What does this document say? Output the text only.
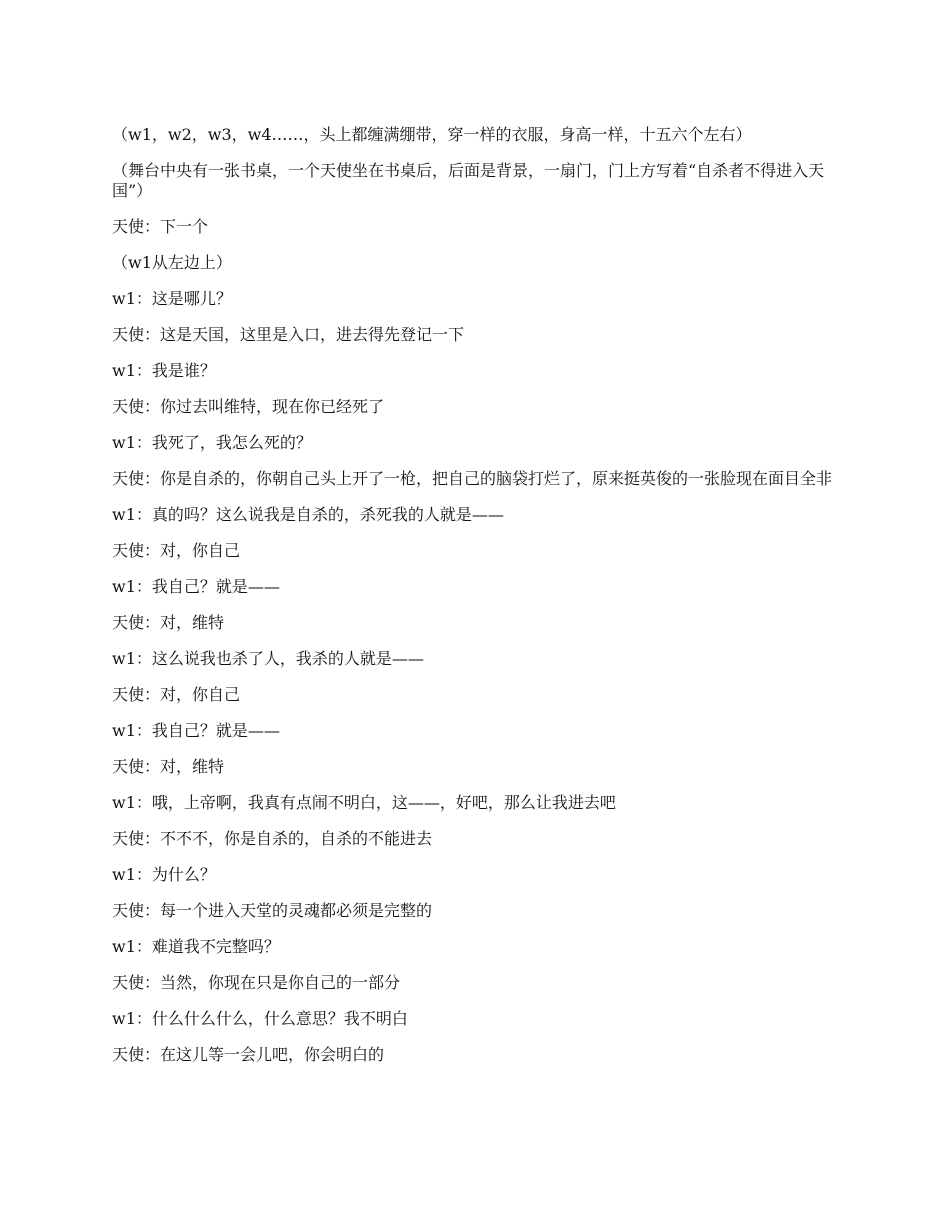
（w1，w2，w3，w4……，头上都缠满绷带，穿一样的衣服，身高一样，十五六个左右）

（舞台中央有一张书桌，一个天使坐在书桌后，后面是背景，一扇门，门上方写着“自杀者不得进入天国”）

天使：下一个

（w1从左边上）

w1：这是哪儿？

天使：这是天国，这里是入口，进去得先登记一下

w1：我是谁？

天使：你过去叫维特，现在你已经死了

w1：我死了，我怎么死的？

天使：你是自杀的，你朝自己头上开了一枪，把自己的脑袋打烂了，原来挺英俊的一张脸现在面目全非

w1：真的吗？这么说我是自杀的，杀死我的人就是——

天使：对，你自己

w1：我自己？就是——

天使：对，维特

w1：这么说我也杀了人，我杀的人就是——

天使：对，你自己

w1：我自己？就是——

天使：对，维特

w1：哦，上帝啊，我真有点闹不明白，这——，好吧，那么让我进去吧

天使：不不不，你是自杀的，自杀的不能进去

w1：为什么？

天使：每一个进入天堂的灵魂都必须是完整的

w1：难道我不完整吗？

天使：当然，你现在只是你自己的一部分

w1：什么什么什么，什么意思？我不明白

天使：在这儿等一会儿吧，你会明白的
